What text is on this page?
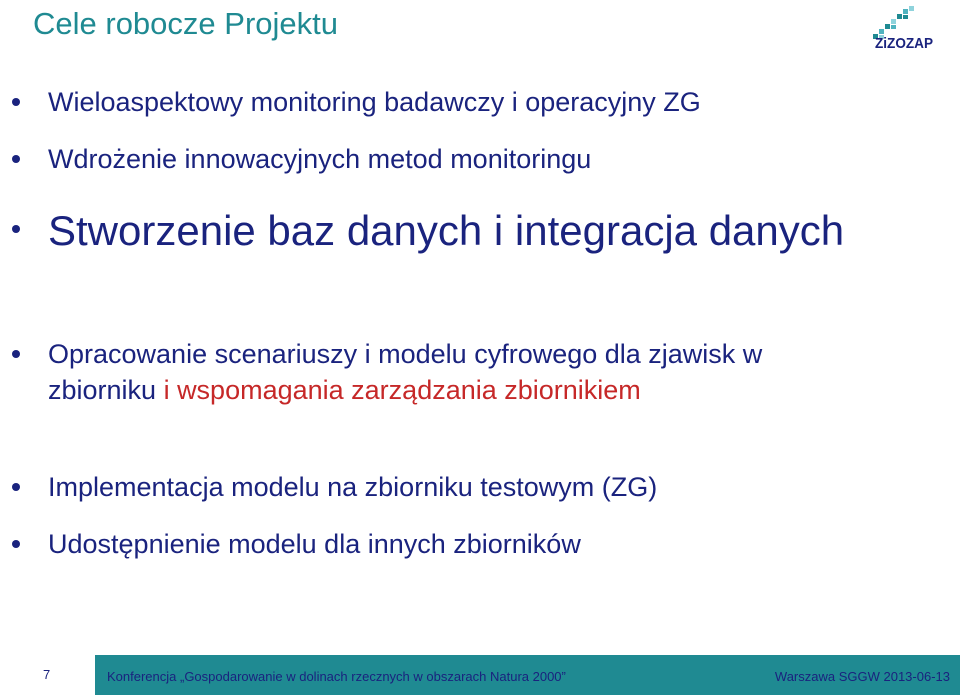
Cele robocze Projektu
ZiZOZAP
Wieloaspektowy monitoring badawczy i operacyjny ZG
Wdrożenie innowacyjnych metod monitoringu
Stworzenie baz danych i integracja danych
Opracowanie scenariuszy i modelu cyfrowego dla zjawisk w zbiorniku i wspomagania zarządzania zbiornikiem
Implementacja modelu na zbiorniku testowym (ZG)
Udostępnienie modelu dla innych zbiorników
7	Konferencja „Gospodarowanie w dolinach rzecznych w obszarach Natura 2000”	Warszawa SGGW 2013-06-13
